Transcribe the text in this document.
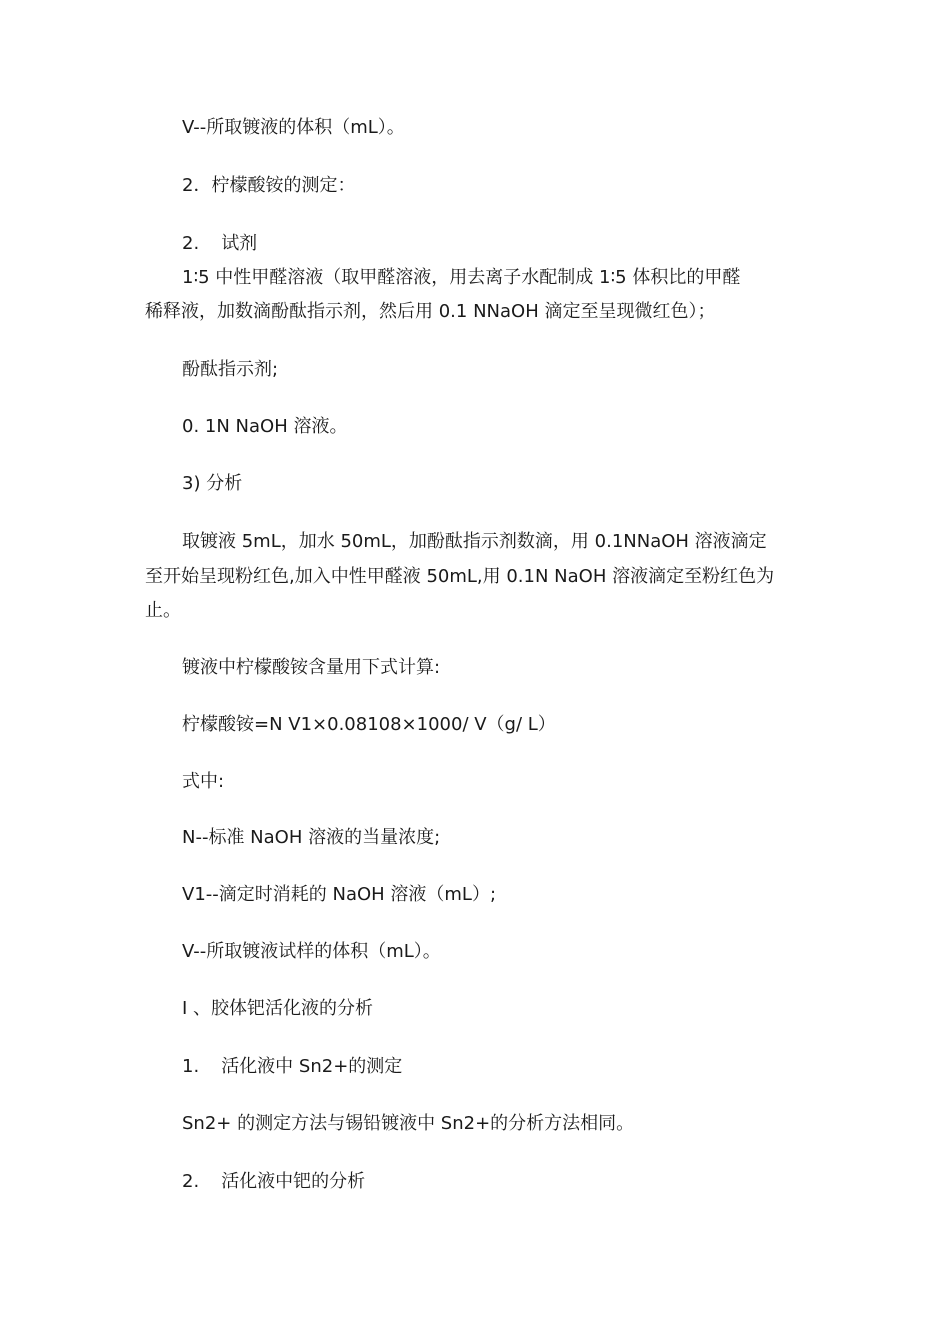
V--所取镀液的体积（mL）。
2．柠檬酸铵的测定：
2. 试剂
1∶5 中性甲醛溶液（取甲醛溶液，用去离子水配制成 1∶5 体积比的甲醛
稀释液，加数滴酚酞指示剂，然后用 0.1 NNaOH 滴定至呈现微红色）；
酚酞指示剂;
0. 1N NaOH 溶液。
3) 分析
取镀液 5mL，加水 50mL，加酚酞指示剂数滴，用 0.1NNaOH 溶液滴定
至开始呈现粉红色,加入中性甲醛液 50mL,用 0.1N NaOH 溶液滴定至粉红色为
止。
镀液中柠檬酸铵含量用下式计算:
柠檬酸铵=N V1×0.08108×1000/ V（g/ L）
式中:
N--标准 NaOH 溶液的当量浓度;
V1--滴定时消耗的 NaOH 溶液（mL）;
V--所取镀液试样的体积（mL）。
I 、胶体钯活化液的分析
1. 活化液中 Sn2+的测定
Sn2+ 的测定方法与锡铅镀液中 Sn2+的分析方法相同。
2. 活化液中钯的分析
